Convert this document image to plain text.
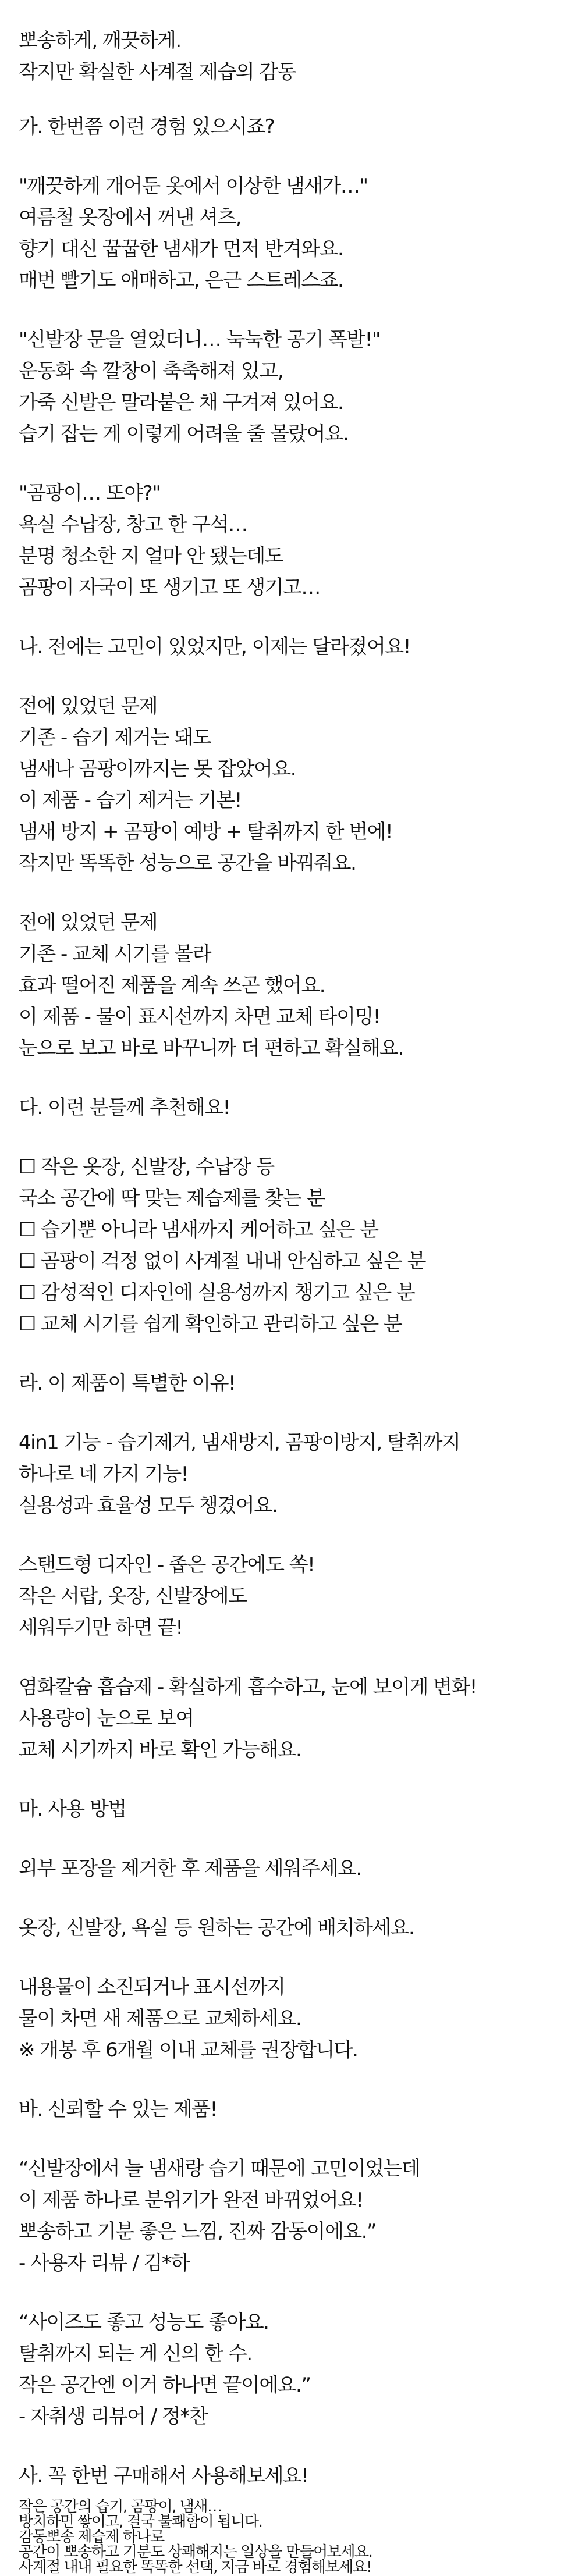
뽀송하게, 깨끗하게.

작지만 확실한 사계절 제습의 감동

가. 한번쯤 이런 경험 있으시죠?

"깨끗하게 개어둔 옷에서 이상한 냄새가…"

여름철 옷장에서 꺼낸 셔츠,

향기 대신 꿉꿉한 냄새가 먼저 반겨와요.

매번 빨기도 애매하고, 은근 스트레스죠.

"신발장 문을 열었더니… 눅눅한 공기 폭발!"

운동화 속 깔창이 축축해져 있고,

가죽 신발은 말라붙은 채 구겨져 있어요.

습기 잡는 게 이렇게 어려울 줄 몰랐어요.

"곰팡이… 또야?"

욕실 수납장, 창고 한 구석…

분명 청소한 지 얼마 안 됐는데도

곰팡이 자국이 또 생기고 또 생기고…

나. 전에는 고민이 있었지만, 이제는 달라졌어요!

전에 있었던 문제

기존 - 습기 제거는 돼도

냄새나 곰팡이까지는 못 잡았어요.

이 제품 - 습기 제거는 기본!

냄새 방지 + 곰팡이 예방 + 탈취까지 한 번에!

작지만 똑똑한 성능으로 공간을 바꿔줘요.

전에 있었던 문제

기존 - 교체 시기를 몰라

효과 떨어진 제품을 계속 쓰곤 했어요.

이 제품 - 물이 표시선까지 차면 교체 타이밍!

눈으로 보고 바로 바꾸니까 더 편하고 확실해요.

다. 이런 분들께 추천해요!

☐ 작은 옷장, 신발장, 수납장 등

국소 공간에 딱 맞는 제습제를 찾는 분

☐ 습기뿐 아니라 냄새까지 케어하고 싶은 분

☐ 곰팡이 걱정 없이 사계절 내내 안심하고 싶은 분

☐ 감성적인 디자인에 실용성까지 챙기고 싶은 분

☐ 교체 시기를 쉽게 확인하고 관리하고 싶은 분

라. 이 제품이 특별한 이유!

4in1 기능 - 습기제거, 냄새방지, 곰팡이방지, 탈취까지

하나로 네 가지 기능!

실용성과 효율성 모두 챙겼어요.

스탠드형 디자인 - 좁은 공간에도 쏙!

작은 서랍, 옷장, 신발장에도

세워두기만 하면 끝!

염화칼슘 흡습제 - 확실하게 흡수하고, 눈에 보이게 변화!

사용량이 눈으로 보여

교체 시기까지 바로 확인 가능해요.

마. 사용 방법

외부 포장을 제거한 후 제품을 세워주세요.

옷장, 신발장, 욕실 등 원하는 공간에 배치하세요.

내용물이 소진되거나 표시선까지

물이 차면 새 제품으로 교체하세요.

※ 개봉 후 6개월 이내 교체를 권장합니다.

바. 신뢰할 수 있는 제품!

“신발장에서 늘 냄새랑 습기 때문에 고민이었는데

이 제품 하나로 분위기가 완전 바뀌었어요!

뽀송하고 기분 좋은 느낌, 진짜 감동이에요.”

- 사용자 리뷰 / 김*하

“사이즈도 좋고 성능도 좋아요.

탈취까지 되는 게 신의 한 수.

작은 공간엔 이거 하나면 끝이에요.”

- 자취생 리뷰어 / 정*찬

사. 꼭 한번 구매해서 사용해보세요!

작은 공간의 습기, 곰팡이, 냄새…

방치하면 쌓이고, 결국 불쾌함이 됩니다.

감동뽀송 제습제 하나로

공간이 뽀송하고 기분도 상쾌해지는 일상을 만들어보세요.

사계절 내내 필요한 똑똑한 선택, 지금 바로 경험해보세요!
